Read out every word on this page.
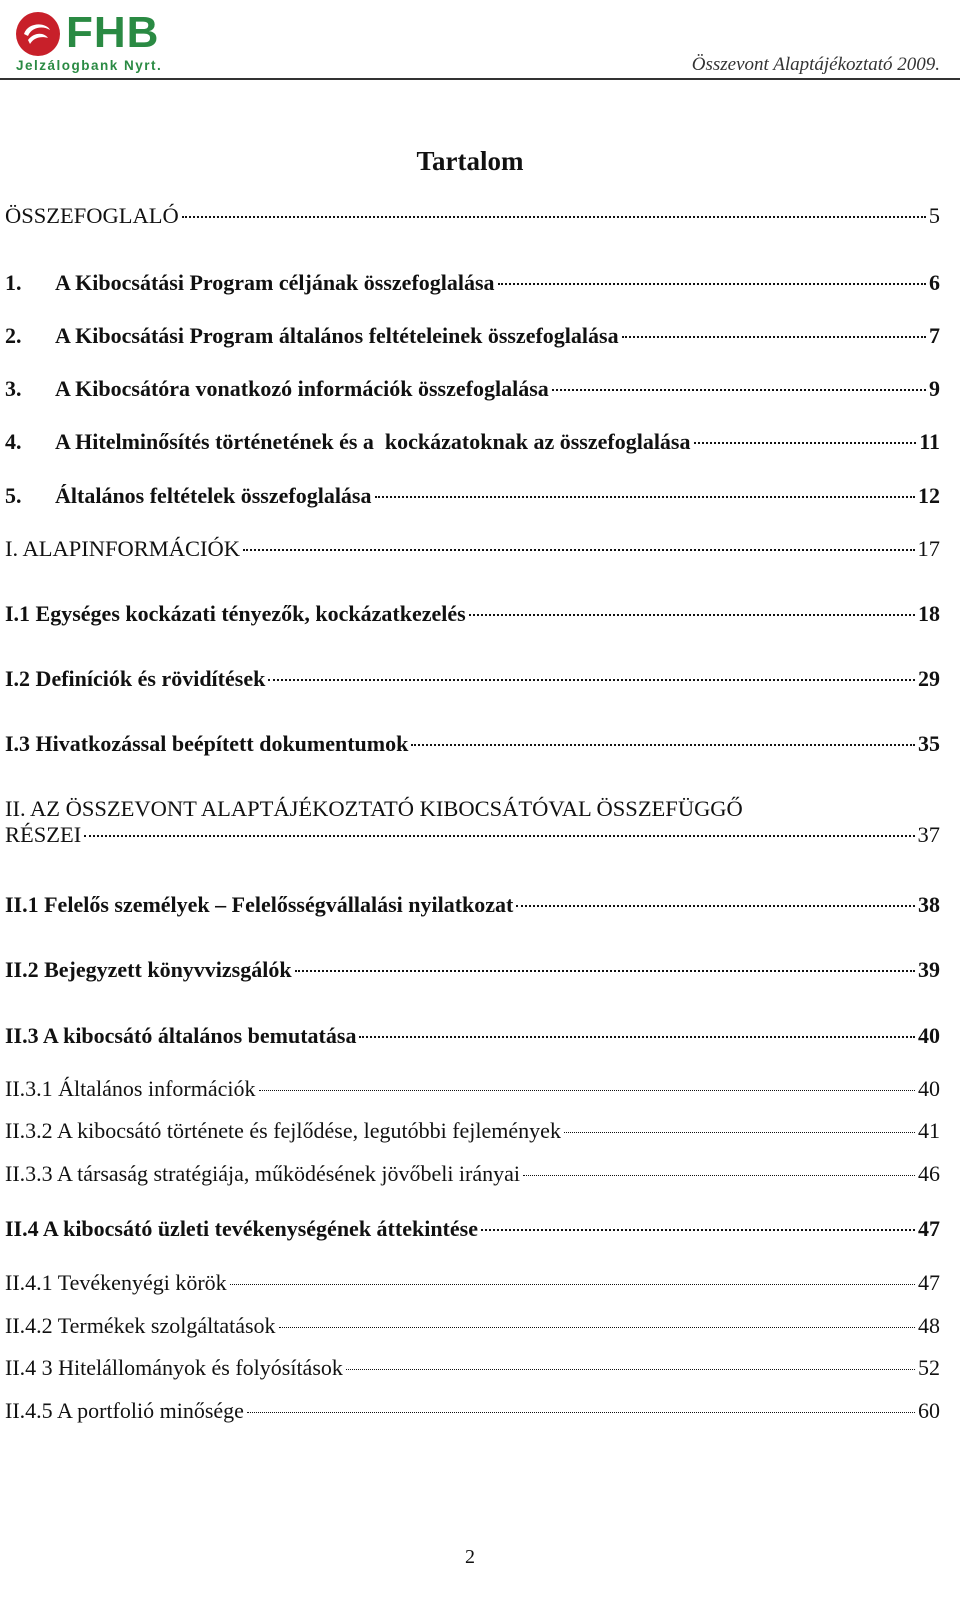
FHB
Jelzálogbank Nyrt.	Összevont Alaptájékoztató 2009.
Tartalom
ÖSSZEFOGLALÓ	5
1. A Kibocsátási Program céljának összefoglalása	6
2. A Kibocsátási Program általános feltételeinek összefoglalása	7
3. A Kibocsátóra vonatkozó információk összefoglalása	9
4. A Hitelminősítés történetének és a  kockázatoknak az összefoglalása	11
5. Általános feltételek összefoglalása	12
I. ALAPINFORMÁCIÓK	17
I.1 Egységes kockázati tényezők, kockázatkezelés	18
I.2 Definíciók és rövidítések	29
I.3 Hivatkozással beépített dokumentumok	35
II. AZ ÖSSZEVONT ALAPTÁJÉKOZTATÓ KIBOCSÁTÓVAL ÖSSZEFÜGGŐ
RÉSZEI	37
II.1 Felelős személyek – Felelősségvállalási nyilatkozat	38
II.2 Bejegyzett könyvvizsgálók	39
II.3 A kibocsátó általános bemutatása	40
II.3.1 Általános információk	40
II.3.2 A kibocsátó története és fejlődése, legutóbbi fejlemények	41
II.3.3 A társaság stratégiája, működésének jövőbeli irányai	46
II.4 A kibocsátó üzleti tevékenységének áttekintése	47
II.4.1 Tevékenyégi körök	47
II.4.2 Termékek szolgáltatások	48
II.4 3 Hitelállományok és folyósítások	52
II.4.5 A portfolió minősége	60
2
